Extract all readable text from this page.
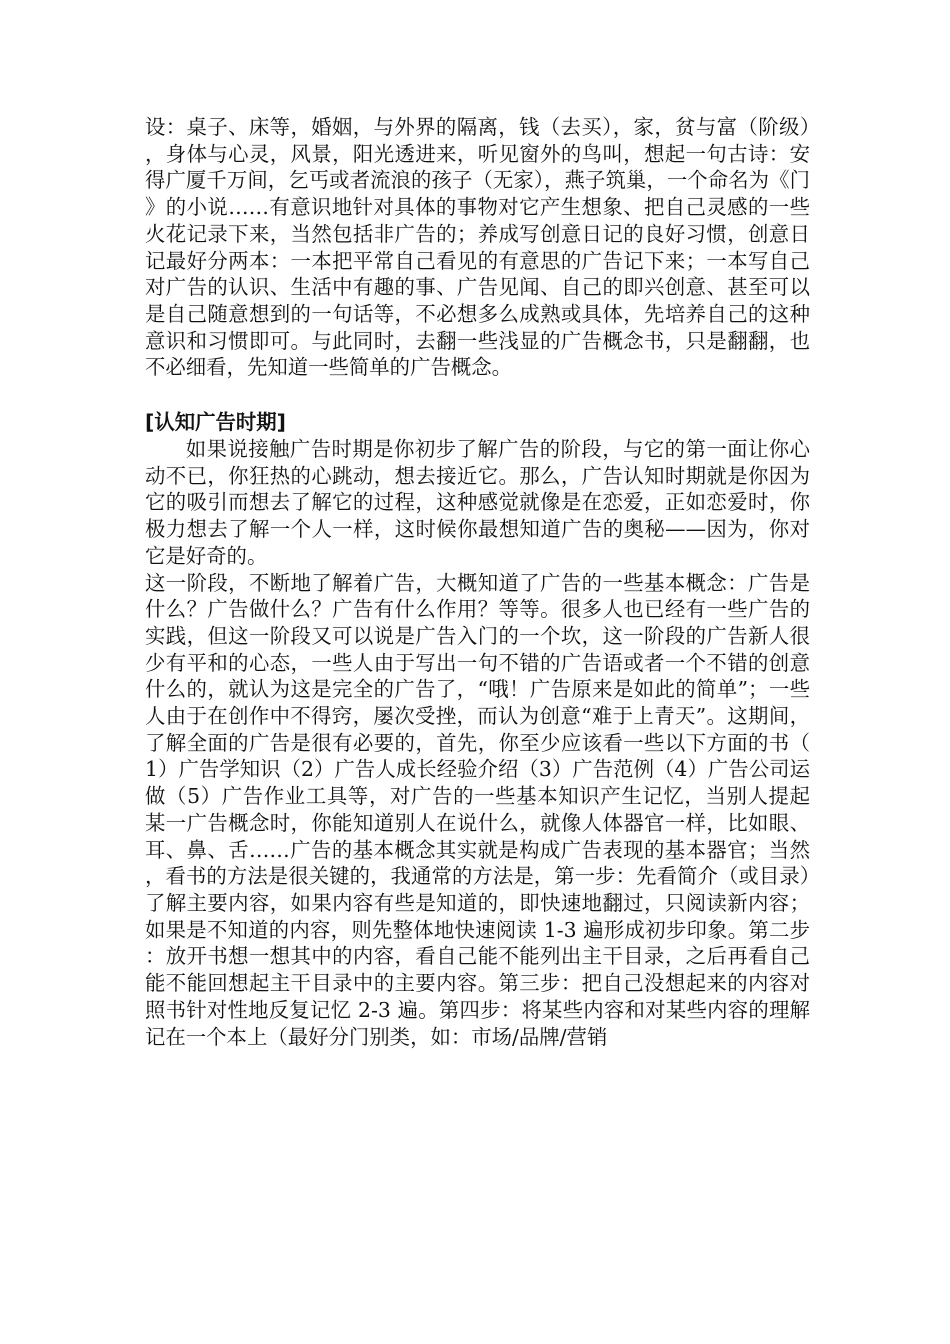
设：桌子、床等，婚姻，与外界的隔离，钱（去买），家，贫与富（阶级），身体与心灵，风景，阳光透进来，听见窗外的鸟叫，想起一句古诗：安得广厦千万间，乞丐或者流浪的孩子（无家），燕子筑巢，一个命名为《门》的小说……有意识地针对具体的事物对它产生想象、把自己灵感的一些火花记录下来，当然包括非广告的；养成写创意日记的良好习惯，创意日记最好分两本：一本把平常自己看见的有意思的广告记下来；一本写自己对广告的认识、生活中有趣的事、广告见闻、自己的即兴创意、甚至可以是自己随意想到的一句话等，不必想多么成熟或具体，先培养自己的这种意识和习惯即可。与此同时，去翻一些浅显的广告概念书，只是翻翻，也不必细看，先知道一些简单的广告概念。

[认知广告时期]

如果说接触广告时期是你初步了解广告的阶段，与它的第一面让你心动不已，你狂热的心跳动，想去接近它。那么，广告认知时期就是你因为它的吸引而想去了解它的过程，这种感觉就像是在恋爱，正如恋爱时，你极力想去了解一个人一样，这时候你最想知道广告的奥秘——因为，你对它是好奇的。

这一阶段，不断地了解着广告，大概知道了广告的一些基本概念：广告是什么？广告做什么？广告有什么作用？等等。很多人也已经有一些广告的实践，但这一阶段又可以说是广告入门的一个坎，这一阶段的广告新人很少有平和的心态，一些人由于写出一句不错的广告语或者一个不错的创意什么的，就认为这是完全的广告了，“哦！广告原来是如此的简单”；一些人由于在创作中不得窍，屡次受挫，而认为创意“难于上青天”。这期间，了解全面的广告是很有必要的，首先，你至少应该看一些以下方面的书（1）广告学知识（2）广告人成长经验介绍（3）广告范例（4）广告公司运做（5）广告作业工具等，对广告的一些基本知识产生记忆，当别人提起某一广告概念时，你能知道别人在说什么，就像人体器官一样，比如眼、耳、鼻、舌……广告的基本概念其实就是构成广告表现的基本器官；当然，看书的方法是很关键的，我通常的方法是，第一步：先看简介（或目录）了解主要内容，如果内容有些是知道的，即快速地翻过，只阅读新内容；如果是不知道的内容，则先整体地快速阅读 1-3 遍形成初步印象。第二步：放开书想一想其中的内容，看自己能不能列出主干目录，之后再看自己能不能回想起主干目录中的主要内容。第三步：把自己没想起来的内容对照书针对性地反复记忆 2-3 遍。第四步：将某些内容和对某些内容的理解记在一个本上（最好分门别类，如：市场/品牌/营销
